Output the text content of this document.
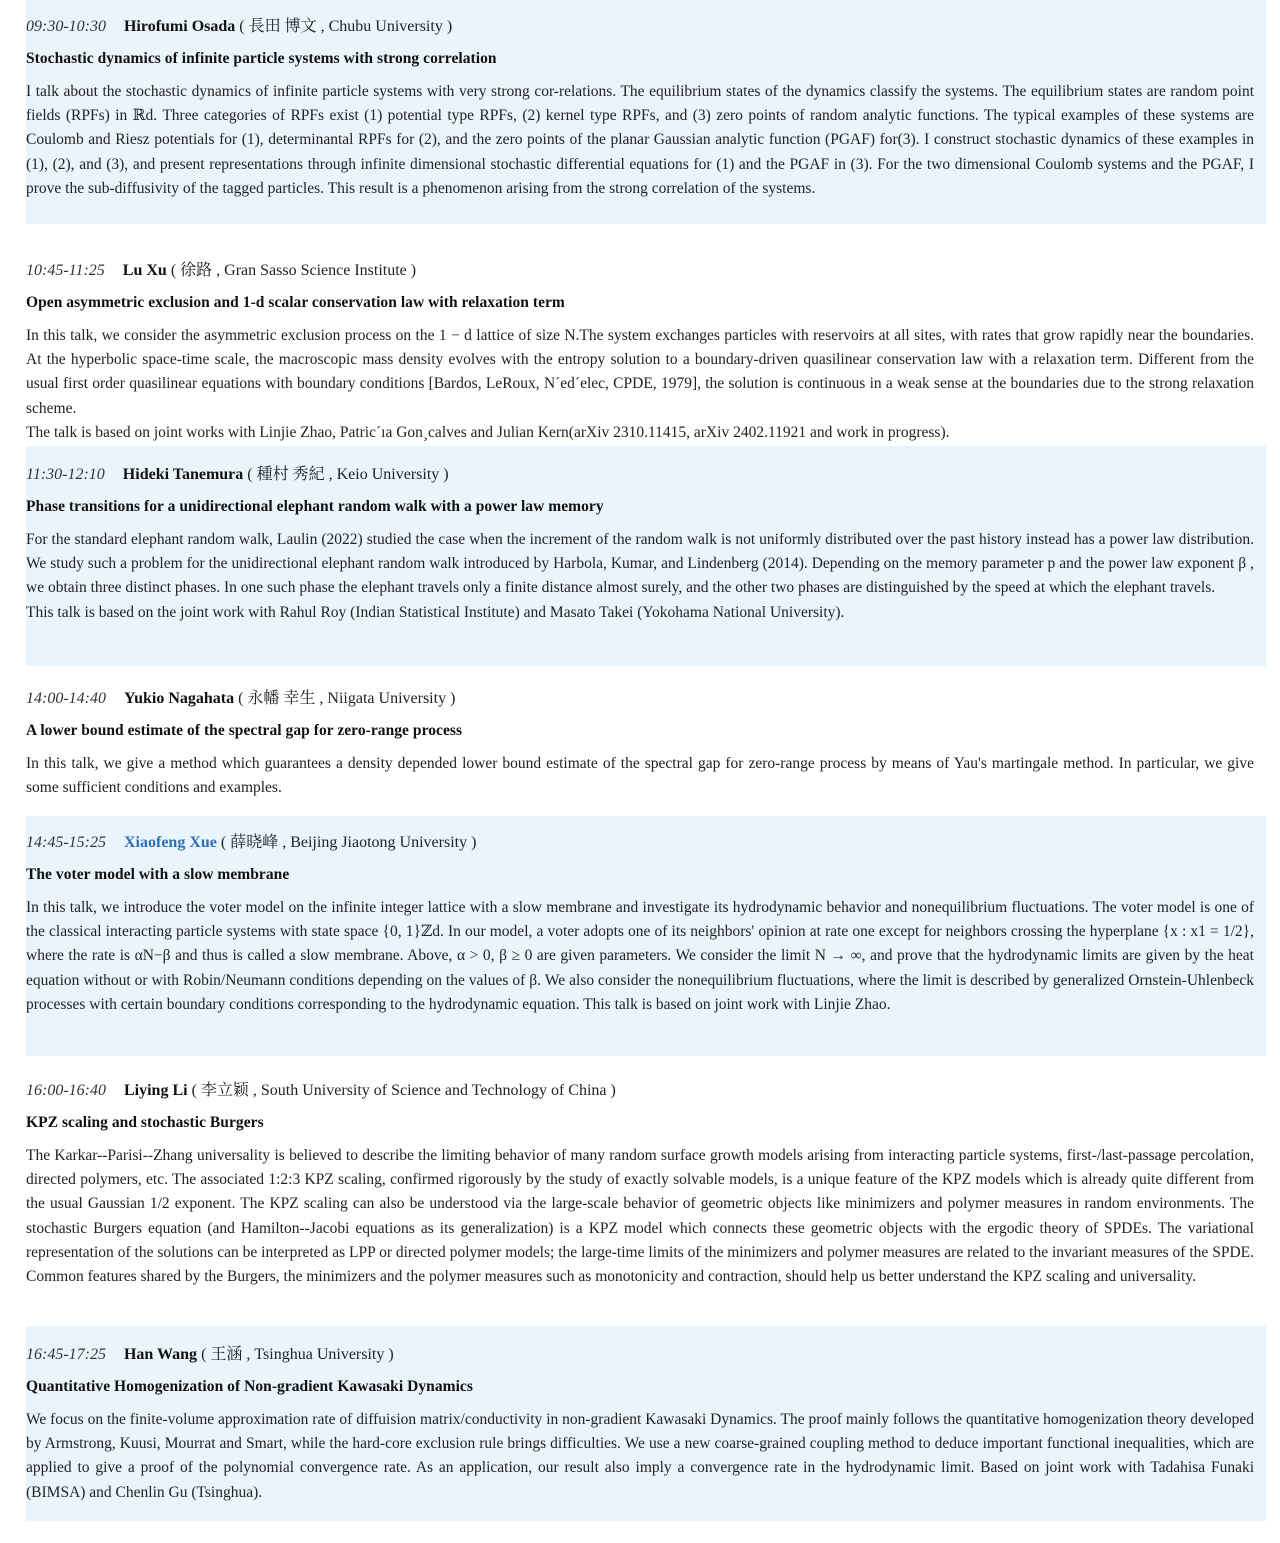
09:30-10:30 Hirofumi Osada ( 長田 博文 , Chubu University )
Stochastic dynamics of infinite particle systems with strong correlation

I talk about the stochastic dynamics of infinite particle systems with very strong cor-relations. The equilibrium states of the dynamics classify the systems. The equilibrium states are random point fields (RPFs) in ℝd. Three categories of RPFs exist (1) potential type RPFs, (2) kernel type RPFs, and (3) zero points of random analytic functions. The typical examples of these systems are Coulomb and Riesz potentials for (1), determinantal RPFs for (2), and the zero points of the planar Gaussian analytic function (PGAF) for(3). I construct stochastic dynamics of these examples in (1), (2), and (3), and present representations through infinite dimensional stochastic differential equations for (1) and the PGAF in (3). For the two dimensional Coulomb systems and the PGAF, I prove the sub-diffusivity of the tagged particles. This result is a phenomenon arising from the strong correlation of the systems.

10:45-11:25 Lu Xu ( 徐路 , Gran Sasso Science Institute )
Open asymmetric exclusion and 1-d scalar conservation law with relaxation term

In this talk, we consider the asymmetric exclusion process on the 1 − d lattice of size N.The system exchanges particles with reservoirs at all sites, with rates that grow rapidly near the boundaries. At the hyperbolic space-time scale, the macroscopic mass density evolves with the entropy solution to a boundary-driven quasilinear conservation law with a relaxation term. Different from the usual first order quasilinear equations with boundary conditions [Bardos, LeRoux, N´ed´elec, CPDE, 1979], the solution is continuous in a weak sense at the boundaries due to the strong relaxation scheme.

The talk is based on joint works with Linjie Zhao, Patric´ıa Gon¸calves and Julian Kern(arXiv 2310.11415, arXiv 2402.11921 and work in progress).

11:30-12:10 Hideki Tanemura ( 種村 秀紀 , Keio University )
Phase transitions for a unidirectional elephant random walk with a power law memory

For the standard elephant random walk, Laulin (2022) studied the case when the increment of the random walk is not uniformly distributed over the past history instead has a power law distribution. We study such a problem for the unidirectional elephant random walk introduced by Harbola, Kumar, and Lindenberg (2014). Depending on the memory parameter p and the power law exponent β , we obtain three distinct phases. In one such phase the elephant travels only a finite distance almost surely, and the other two phases are distinguished by the speed at which the elephant travels.

This talk is based on the joint work with Rahul Roy (Indian Statistical Institute) and Masato Takei (Yokohama National University).

14:00-14:40 Yukio Nagahata ( 永幡 幸生 , Niigata University )
A lower bound estimate of the spectral gap for zero-range process

In this talk, we give a method which guarantees a density depended lower bound estimate of the spectral gap for zero-range process by means of Yau's martingale method. In particular, we give some sufficient conditions and examples.

14:45-15:25 Xiaofeng Xue ( 薛晓峰 , Beijing Jiaotong University )
The voter model with a slow membrane

In this talk, we introduce the voter model on the infinite integer lattice with a slow membrane and investigate its hydrodynamic behavior and nonequilibrium fluctuations. The voter model is one of the classical interacting particle systems with state space {0, 1}ℤd. In our model, a voter adopts one of its neighbors' opinion at rate one except for neighbors crossing the hyperplane {x : x1 = 1/2}, where the rate is αN−β and thus is called a slow membrane. Above, α > 0, β ≥ 0 are given parameters. We consider the limit N → ∞, and prove that the hydrodynamic limits are given by the heat equation without or with Robin/Neumann conditions depending on the values of β. We also consider the nonequilibrium fluctuations, where the limit is described by generalized Ornstein-Uhlenbeck processes with certain boundary conditions corresponding to the hydrodynamic equation. This talk is based on joint work with Linjie Zhao.

16:00-16:40 Liying Li ( 李立颖 , South University of Science and Technology of China )
KPZ scaling and stochastic Burgers

The Karkar--Parisi--Zhang universality is believed to describe the limiting behavior of many random surface growth models arising from interacting particle systems, first-/last-passage percolation, directed polymers, etc. The associated 1:2:3 KPZ scaling, confirmed rigorously by the study of exactly solvable models, is a unique feature of the KPZ models which is already quite different from the usual Gaussian 1/2 exponent. The KPZ scaling can also be understood via the large-scale behavior of geometric objects like minimizers and polymer measures in random environments. The stochastic Burgers equation (and Hamilton--Jacobi equations as its generalization) is a KPZ model which connects these geometric objects with the ergodic theory of SPDEs. The variational representation of the solutions can be interpreted as LPP or directed polymer models; the large-time limits of the minimizers and polymer measures are related to the invariant measures of the SPDE. Common features shared by the Burgers, the minimizers and the polymer measures such as monotonicity and contraction, should help us better understand the KPZ scaling and universality.

16:45-17:25 Han Wang ( 王涵 , Tsinghua University )
Quantitative Homogenization of Non-gradient Kawasaki Dynamics

We focus on the finite-volume approximation rate of diffuision matrix/conductivity in non-gradient Kawasaki Dynamics. The proof mainly follows the quantitative homogenization theory developed by Armstrong, Kuusi, Mourrat and Smart, while the hard-core exclusion rule brings difficulties. We use a new coarse-grained coupling method to deduce important functional inequalities, which are applied to give a proof of the polynomial convergence rate. As an application, our result also imply a convergence rate in the hydrodynamic limit. Based on joint work with Tadahisa Funaki (BIMSA) and Chenlin Gu (Tsinghua).
